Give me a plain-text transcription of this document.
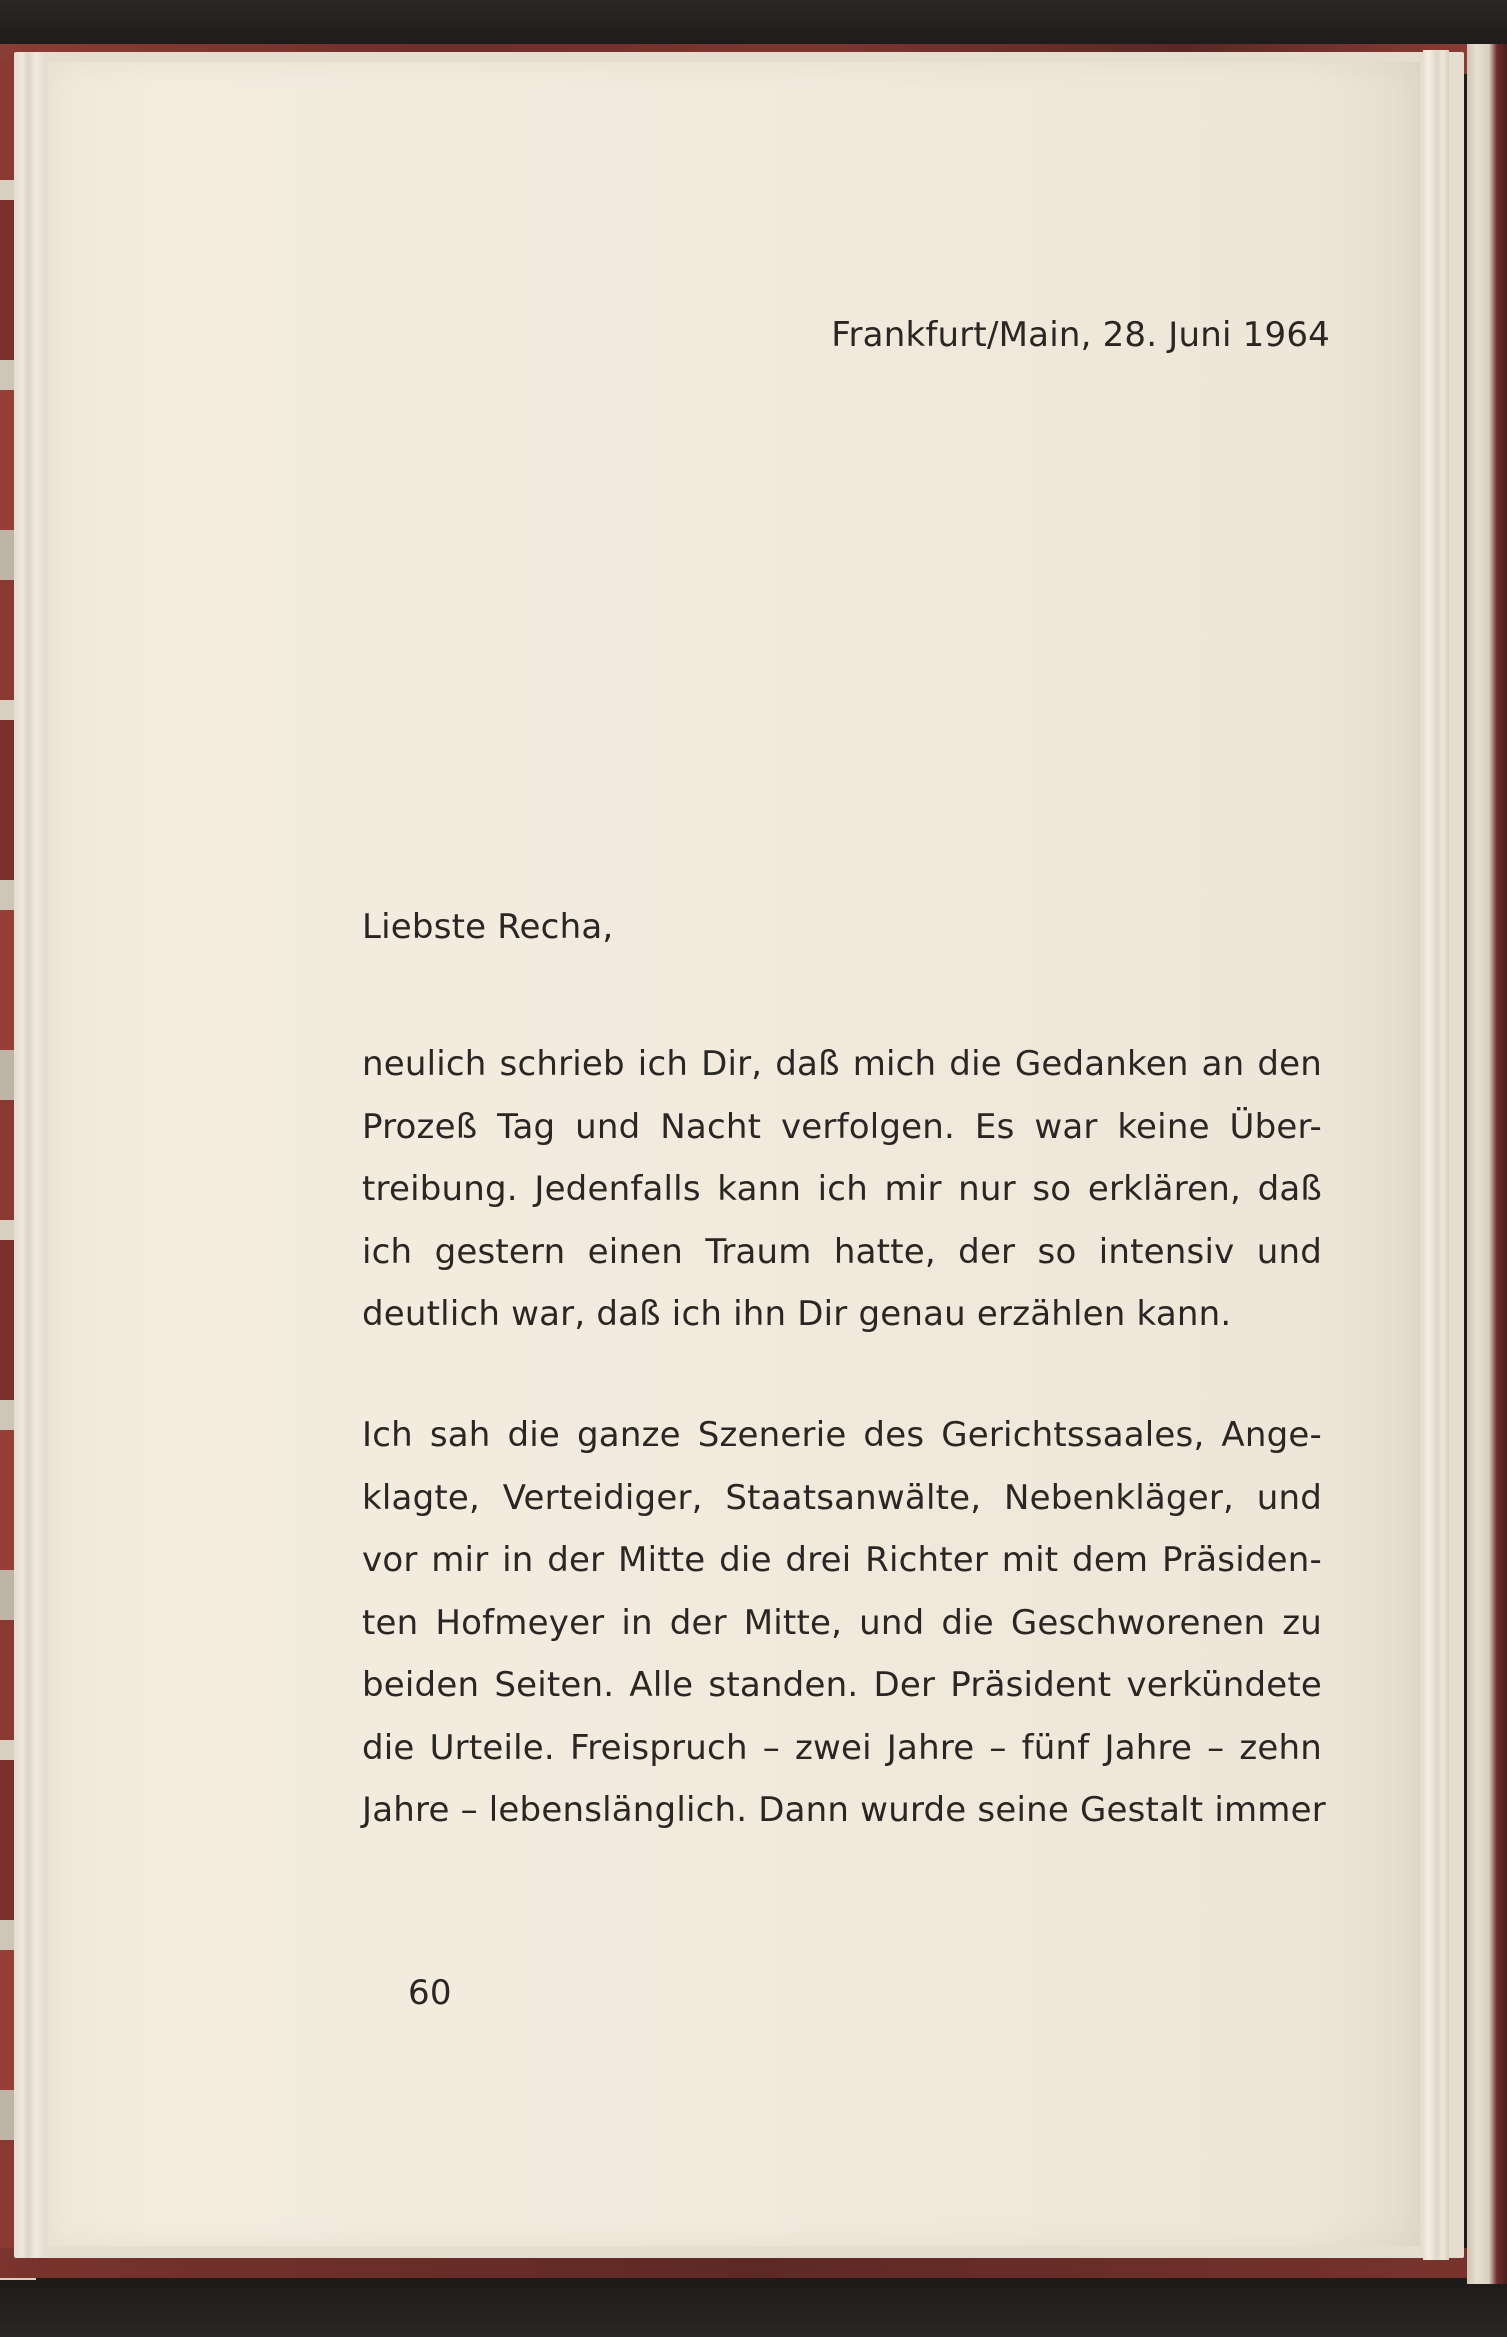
Frankfurt/Main, 28. Juni 1964

Liebste Recha,

neulich schrieb ich Dir, daß mich die Gedanken an den
Prozeß Tag und Nacht verfolgen. Es war keine Über-
treibung. Jedenfalls kann ich mir nur so erklären, daß
ich gestern einen Traum hatte, der so intensiv und
deutlich war, daß ich ihn Dir genau erzählen kann.
Ich sah die ganze Szenerie des Gerichtssaales, Ange-
klagte, Verteidiger, Staatsanwälte, Nebenkläger, und
vor mir in der Mitte die drei Richter mit dem Präsiden-
ten Hofmeyer in der Mitte, und die Geschworenen zu
beiden Seiten. Alle standen. Der Präsident verkündete
die Urteile. Freispruch – zwei Jahre – fünf Jahre – zehn
Jahre – lebenslänglich. Dann wurde seine Gestalt immer

60
